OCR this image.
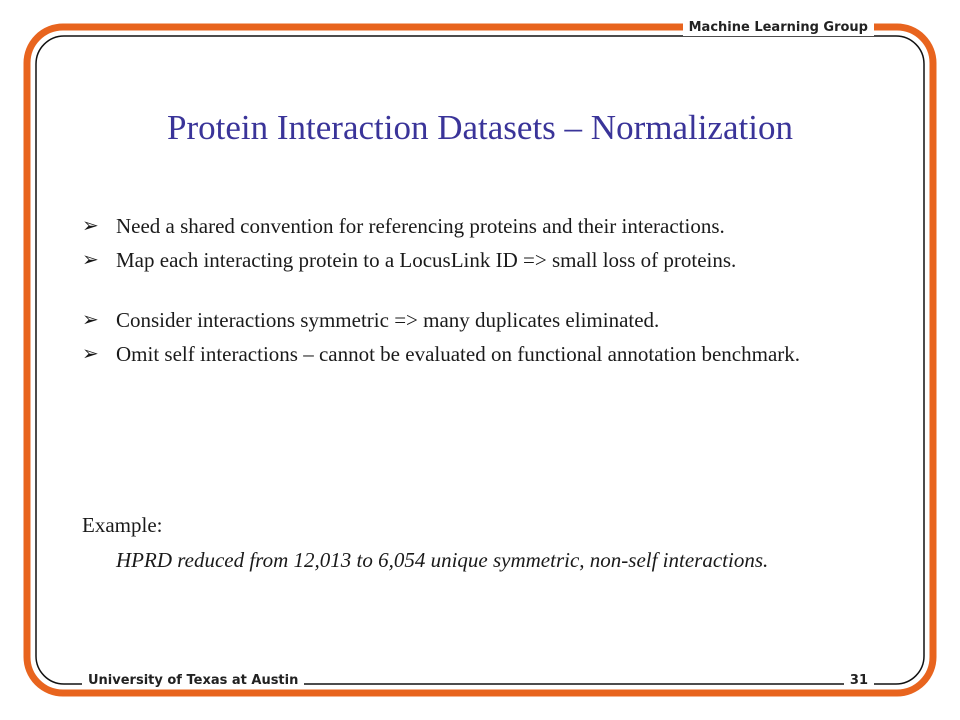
Machine Learning Group
University of Texas at Austin	31
Protein Interaction Datasets – Normalization
➢ Need a shared convention for referencing proteins and their interactions.
➢ Map each interacting protein to a LocusLink ID => small loss of proteins.
➢ Consider interactions symmetric => many duplicates eliminated.
➢ Omit self interactions – cannot be evaluated on functional annotation benchmark.
Example:
HPRD reduced from 12,013 to 6,054 unique symmetric, non-self interactions.
